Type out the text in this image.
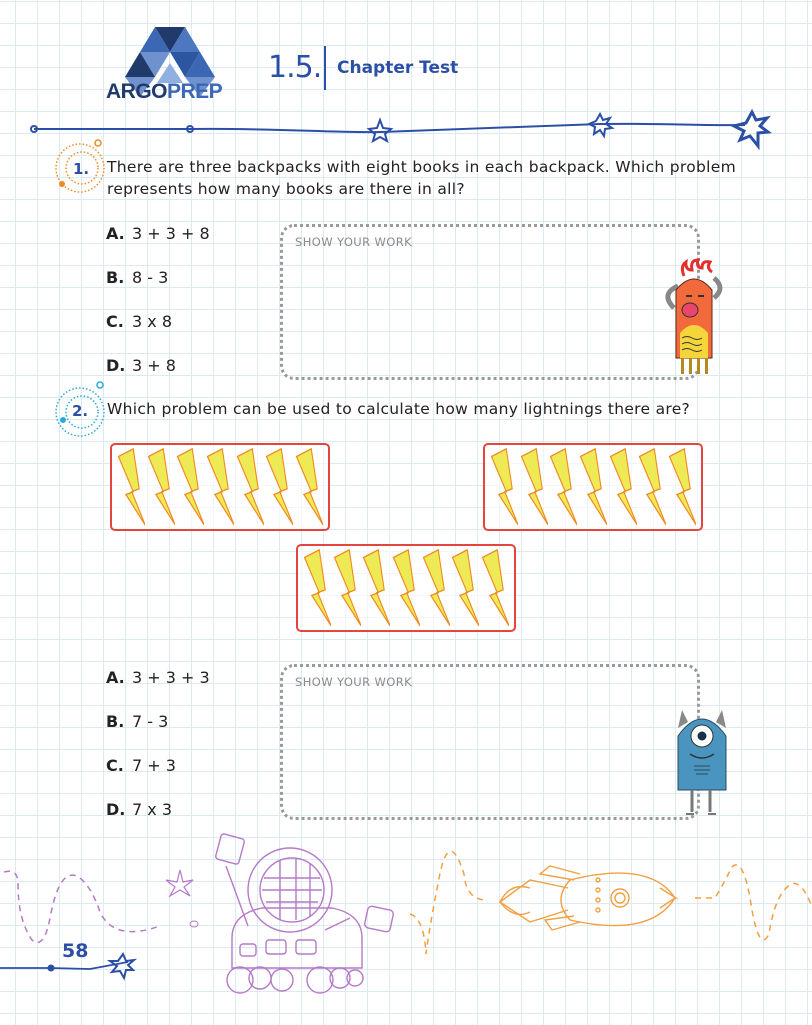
ARGOPREP
1.5. Chapter Test
1. There are three backpacks with eight books in each backpack. Which problem
represents how many books are there in all?
A. 3 + 3 + 8
B. 8 - 3
C. 3 x 8
D. 3 + 8
SHOW YOUR WORK
2. Which problem can be used to calculate how many lightnings there are?
A. 3 + 3 + 3
B. 7 - 3
C. 7 + 3
D. 7 x 3
SHOW YOUR WORK
58
